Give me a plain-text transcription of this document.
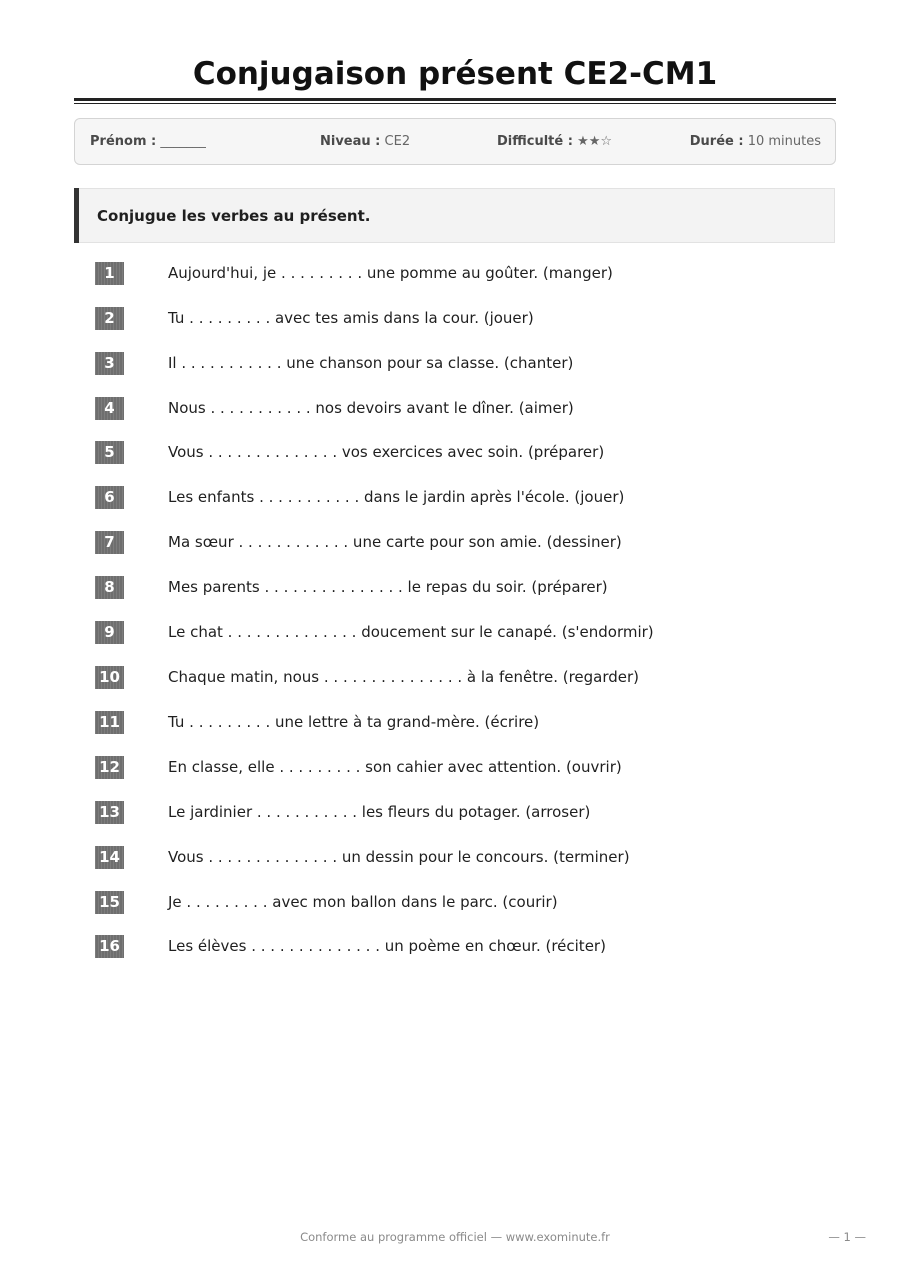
Conjugaison présent CE2-CM1
Prénom : _______	Niveau : CE2	Difficulté : ★★☆	Durée : 10 minutes
Conjugue les verbes au présent.
1	Aujourd'hui, je . . . . . . . . . une pomme au goûter. (manger)
2	Tu . . . . . . . . . avec tes amis dans la cour. (jouer)
3	Il . . . . . . . . . . . une chanson pour sa classe. (chanter)
4	Nous . . . . . . . . . . . nos devoirs avant le dîner. (aimer)
5	Vous . . . . . . . . . . . . . . vos exercices avec soin. (préparer)
6	Les enfants . . . . . . . . . . . dans le jardin après l'école. (jouer)
7	Ma sœur . . . . . . . . . . . . une carte pour son amie. (dessiner)
8	Mes parents . . . . . . . . . . . . . . . le repas du soir. (préparer)
9	Le chat . . . . . . . . . . . . . . doucement sur le canapé. (s'endormir)
10	Chaque matin, nous . . . . . . . . . . . . . . . à la fenêtre. (regarder)
11	Tu . . . . . . . . . une lettre à ta grand-mère. (écrire)
12	En classe, elle . . . . . . . . . son cahier avec attention. (ouvrir)
13	Le jardinier . . . . . . . . . . . les fleurs du potager. (arroser)
14	Vous . . . . . . . . . . . . . . un dessin pour le concours. (terminer)
15	Je . . . . . . . . . avec mon ballon dans le parc. (courir)
16	Les élèves . . . . . . . . . . . . . . un poème en chœur. (réciter)
Conforme au programme officiel — www.exominute.fr	— 1 —
